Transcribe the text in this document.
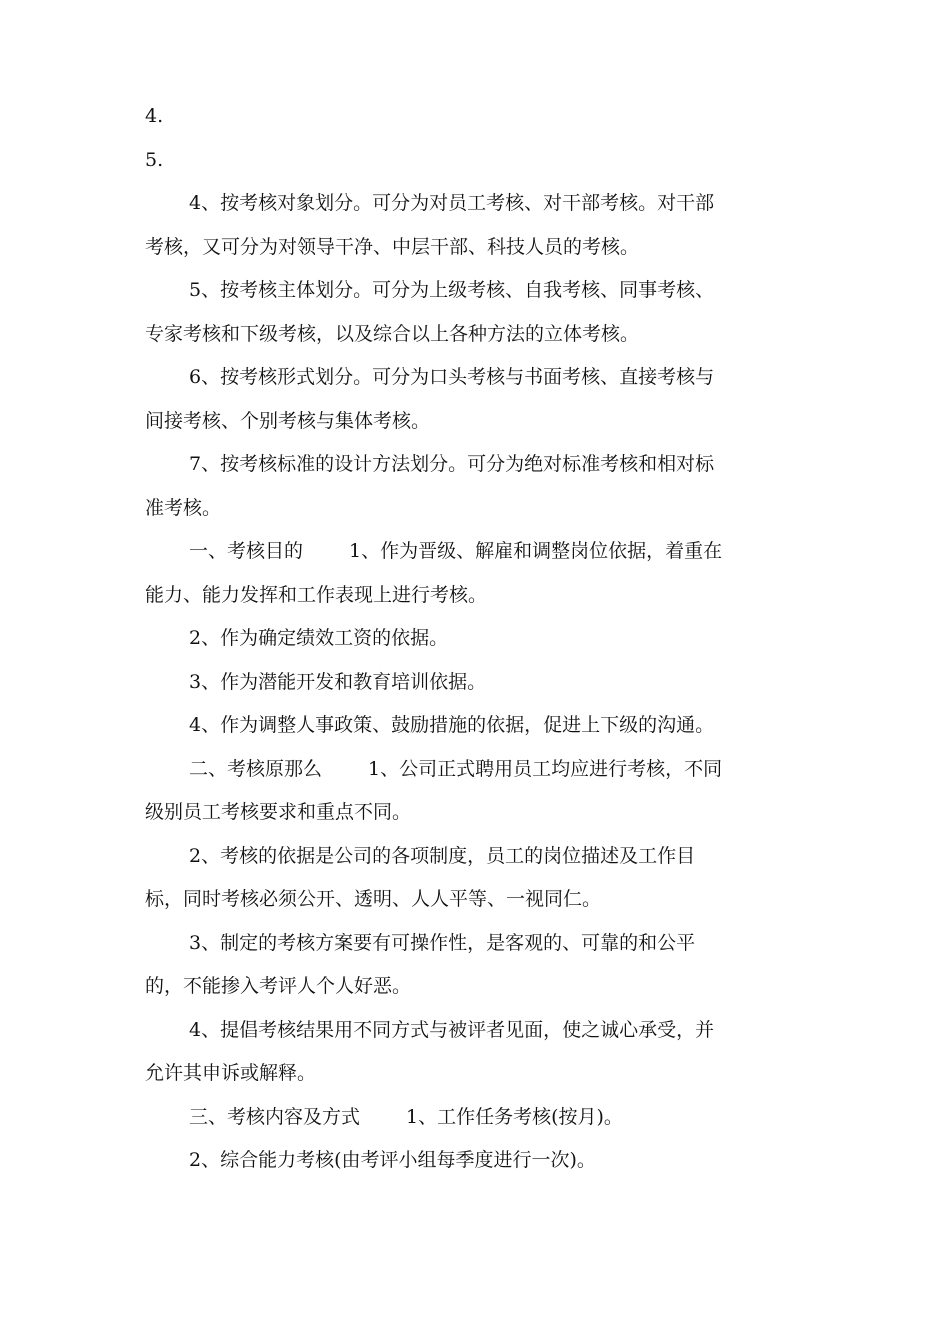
4.
5.
4、按考核对象划分。可分为对员工考核、对干部考核。对干部
考核，又可分为对领导干净、中层干部、科技人员的考核。
5、按考核主体划分。可分为上级考核、自我考核、同事考核、
专家考核和下级考核，以及综合以上各种方法的立体考核。
6、按考核形式划分。可分为口头考核与书面考核、直接考核与
间接考核、个别考核与集体考核。
7、按考核标准的设计方法划分。可分为绝对标准考核和相对标
准考核。
一、考核目的 1、作为晋级、解雇和调整岗位依据，着重在
能力、能力发挥和工作表现上进行考核。
2、作为确定绩效工资的依据。
3、作为潜能开发和教育培训依据。
4、作为调整人事政策、鼓励措施的依据，促进上下级的沟通。
二、考核原那么 1、公司正式聘用员工均应进行考核，不同
级别员工考核要求和重点不同。
2、考核的依据是公司的各项制度，员工的岗位描述及工作目
标，同时考核必须公开、透明、人人平等、一视同仁。
3、制定的考核方案要有可操作性，是客观的、可靠的和公平
的，不能掺入考评人个人好恶。
4、提倡考核结果用不同方式与被评者见面，使之诚心承受，并
允许其申诉或解释。
三、考核内容及方式 1、工作任务考核(按月)。
2、综合能力考核(由考评小组每季度进行一次)。
